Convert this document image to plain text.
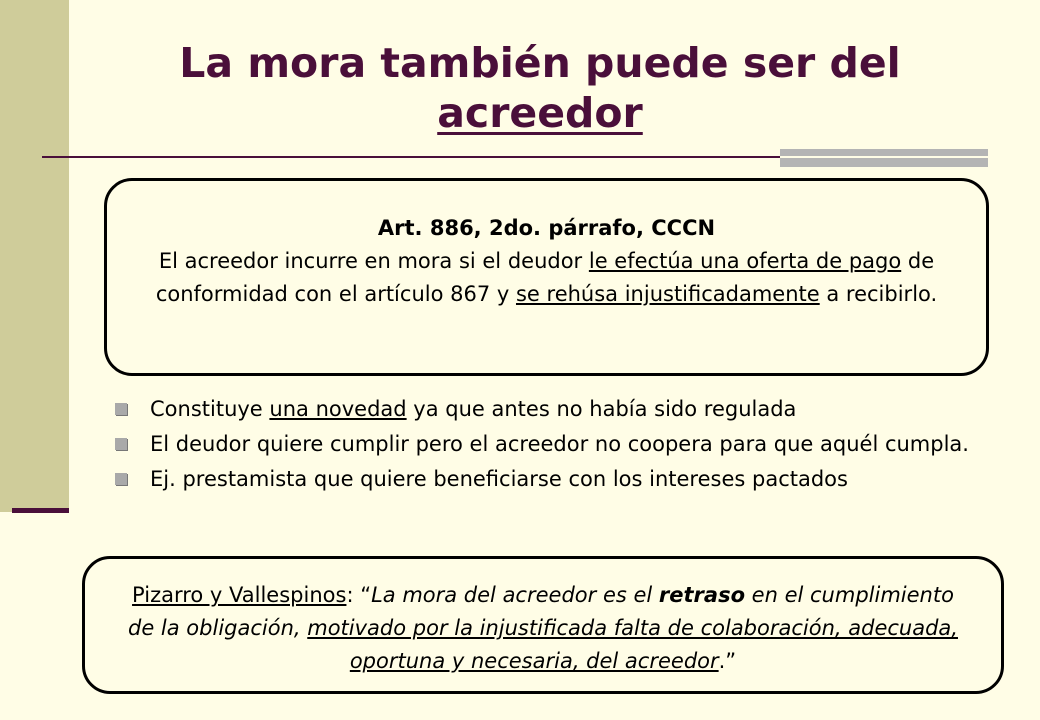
La mora también puede ser del
acreedor
Art. 886, 2do. párrafo, CCCN
El acreedor incurre en mora si el deudor le efectúa una oferta de pago de conformidad con el artículo 867 y se rehúsa injustificadamente a recibirlo.
Constituye una novedad ya que antes no había sido regulada
El deudor quiere cumplir pero el acreedor no coopera para que aquél cumpla.
Ej. prestamista que quiere beneficiarse con los intereses pactados
Pizarro y Vallespinos: “La mora del acreedor es el retraso en el cumplimiento de la obligación, motivado por la injustificada falta de colaboración, adecuada, oportuna y necesaria, del acreedor.”
